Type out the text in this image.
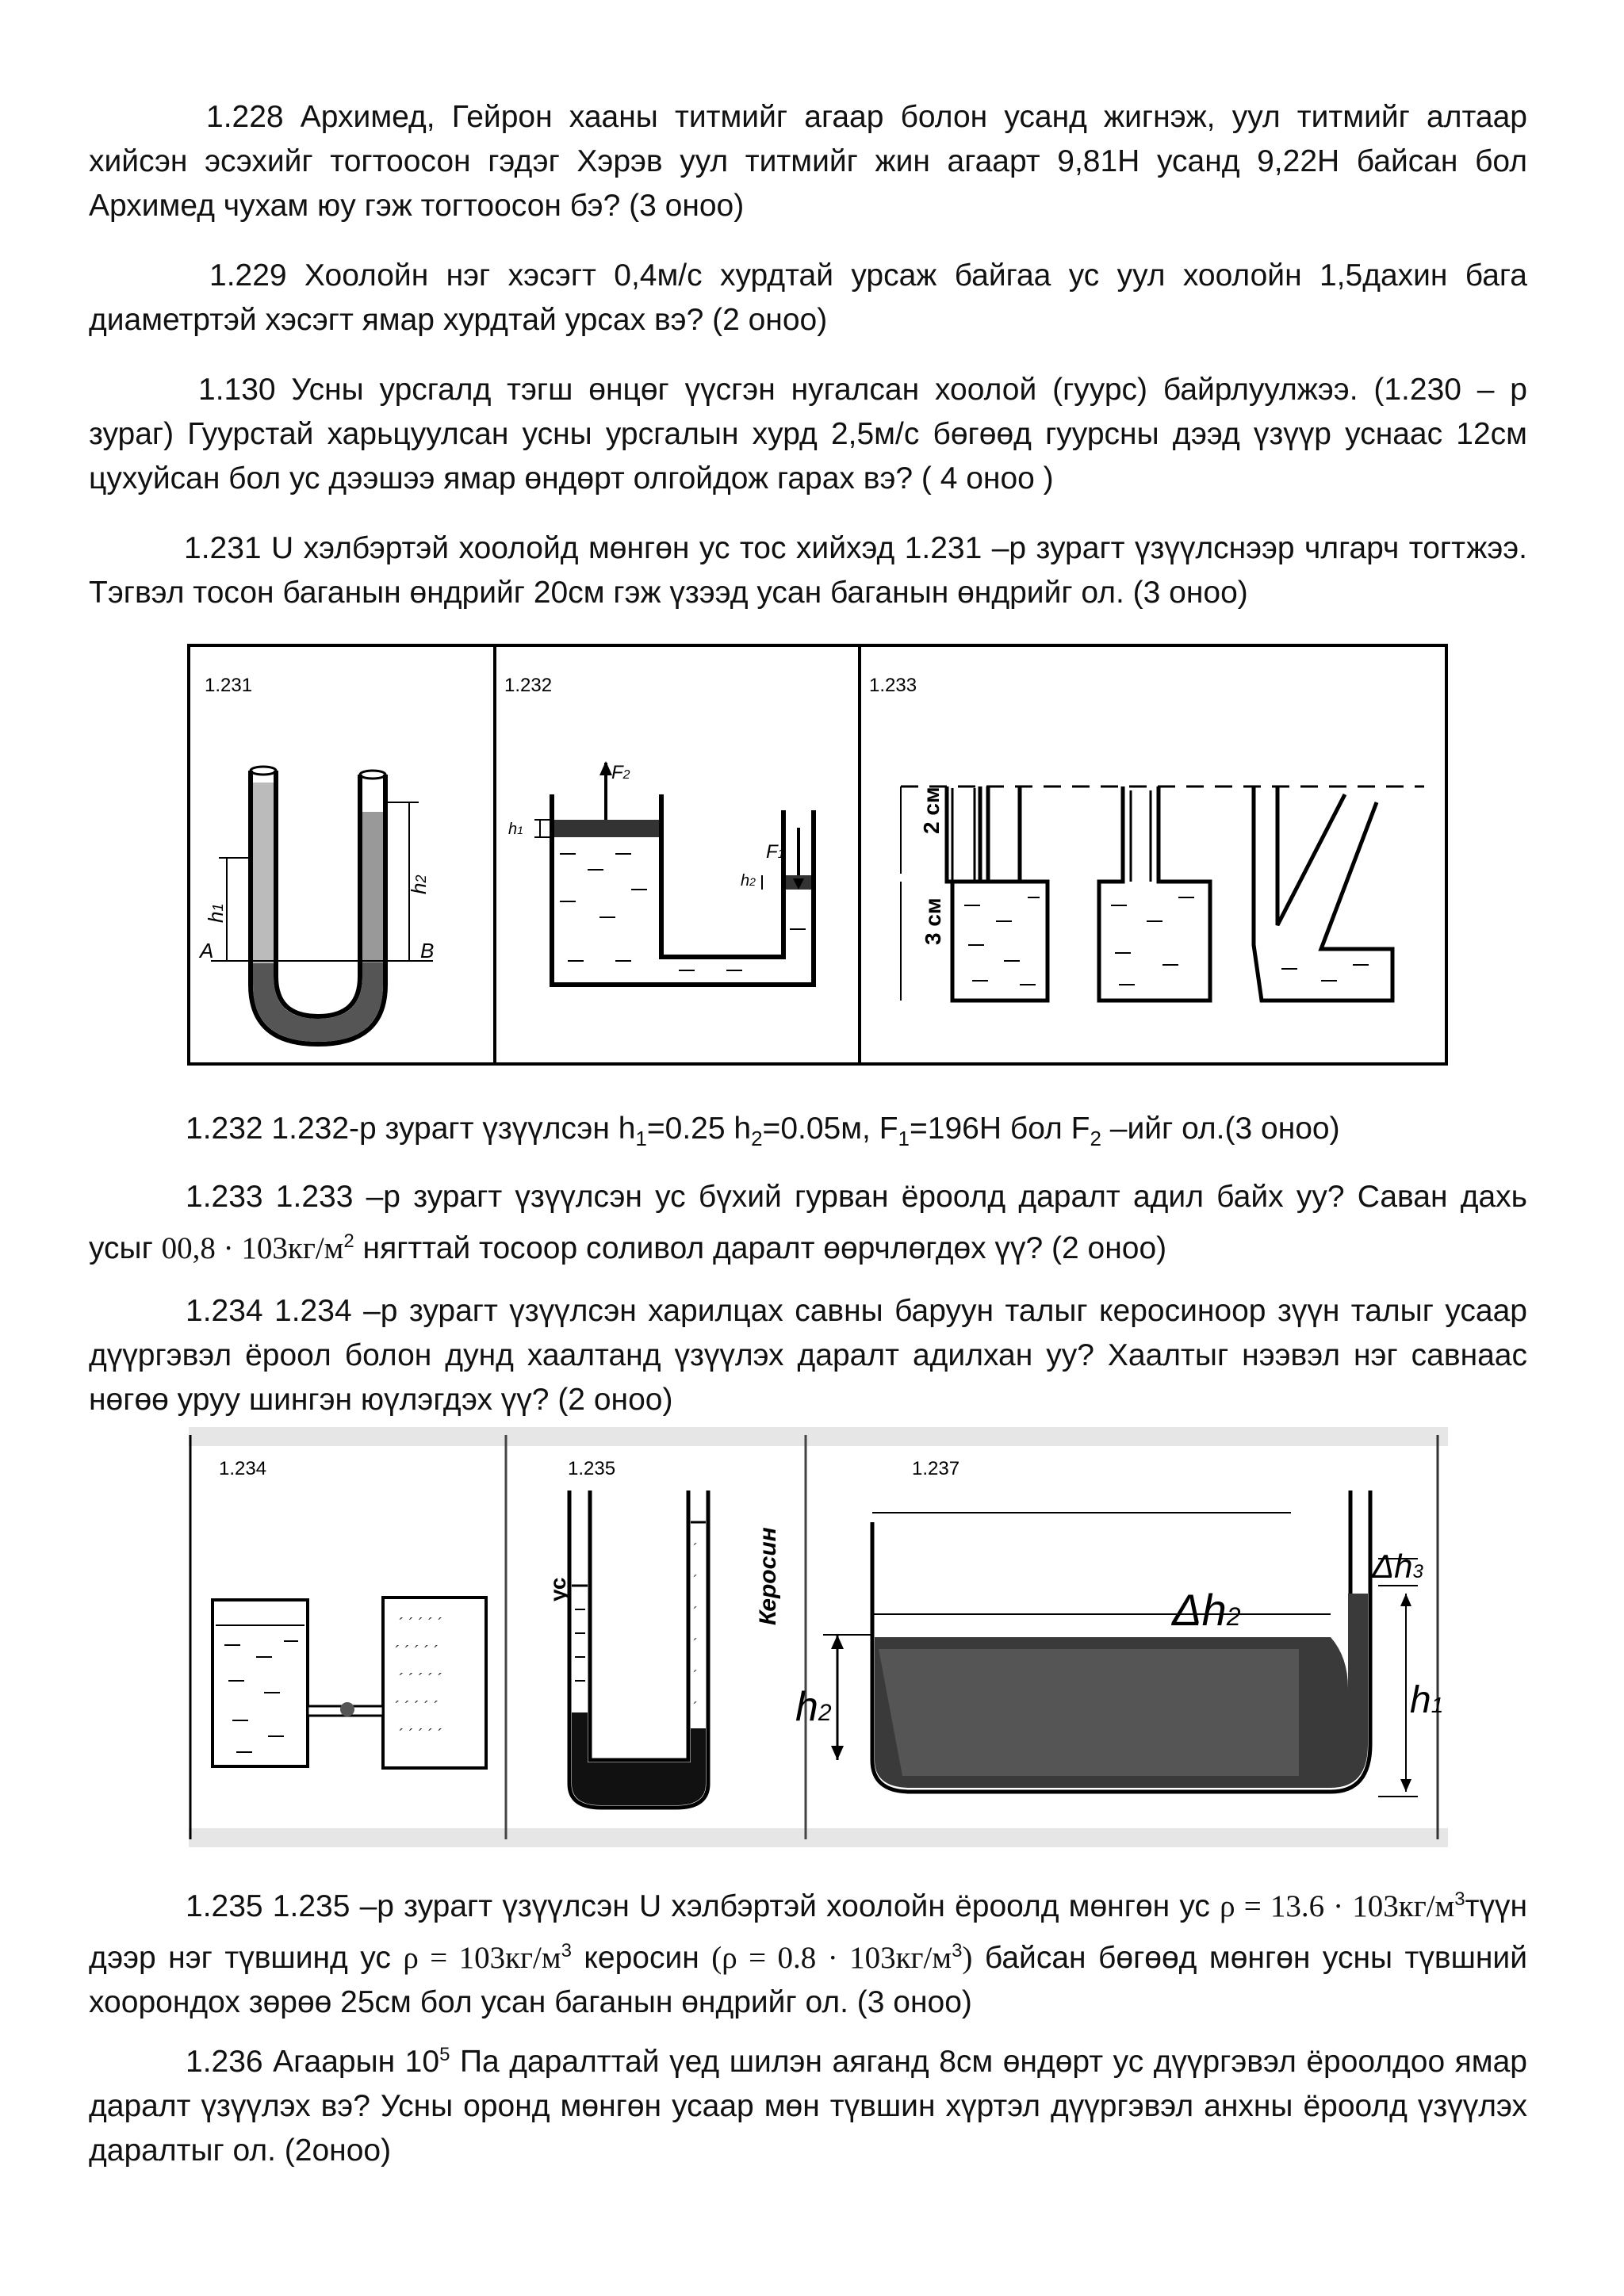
1.228 Архимед, Гейрон хааны титмийг агаар болон усанд жигнэж, уул титмийг алтаар хийсэн эсэхийг тогтоосон гэдэг Хэрэв уул титмийг жин агаарт 9,81Н усанд 9,22Н байсан бол Архимед чухам юу гэж тогтоосон бэ? (3 оноо)

1.229 Хоолойн нэг хэсэгт 0,4м/с хурдтай урсаж байгаа ус уул хоолойн 1,5дахин бага диаметртэй хэсэгт ямар хурдтай урсах вэ? (2 оноо)

1.130 Усны урсгалд тэгш өнцөг үүсгэн нугалсан хоолой (гуурс) байрлуулжээ. (1.230 – р зураг) Гуурстай харьцуулсан усны урсгалын хурд 2,5м/с бөгөөд гуурсны дээд үзүүр уснаас 12см цухуйсан бол ус дээшээ ямар өндөрт олгойдож гарах вэ? ( 4 оноо )

1.231 U хэлбэртэй хоолойд мөнгөн ус тос хийхэд 1.231 –р зурагт үзүүлснээр члгарч тогтжээ. Тэгвэл тосон баганын өндрийг 20см гэж үзээд усан баганын өндрийг ол. (3 оноо)

1.231
h1
h2
A	B
1.232
F2
F1
h1
h2
1.233
2 см
3 см

1.232 1.232-р зурагт үзүүлсэн $h_1=0.25$ $h_2=0.05м$, $F_1=196Н$ бол $F_2$ –ийг ол.(3 оноо)

1.233 1.233 –р зурагт үзүүлсэн ус бүхий гурван ёроолд даралт адил байх уу? Саван дахь усыг $00,8 \cdot 103кг/м^2$ нягттай тосоор соливол даралт өөрчлөгдөх үү? (2 оноо)

1.234 1.234 –р зурагт үзүүлсэн харилцах савны баруун талыг керосиноор зүүн талыг усаар дүүргэвэл ёроол болон дунд хаалтанд үзүүлэх даралт адилхан уу? Хаалтыг нээвэл нэг савнаас нөгөө уруу шингэн юүлэгдэх үү? (2 оноо)

1.234
´ ´ ´ ´ ´
´ ´ ´ ´ ´
´ ´ ´ ´ ´
´ ´ ´ ´ ´
´ ´ ´ ´ ´
1.235
´
´
´
´
´
´
ус	Керосин
1.237
h2
Δh3
Δh2
h1

1.235 1.235 –р зурагт үзүүлсэн U хэлбэртэй хоолойн ёроолд мөнгөн ус $\rho = 13.6 \cdot 103кг/м^3түүн$ дээр нэг түвшинд ус $\rho = 103кг/м^3$ керосин $(\rho = 0.8 \cdot 103кг/м^3)$ байсан бөгөөд мөнгөн усны түвшний хоорондох зөрөө 25см бол усан баганын өндрийг ол. (3 оноо)

1.236 Агаарын $10^5$ Па даралттай үед шилэн аяганд 8см өндөрт ус дүүргэвэл ёроолдоо ямар даралт үзүүлэх вэ? Усны оронд мөнгөн усаар мөн түвшин хүртэл дүүргэвэл анхны ёроолд үзүүлэх даралтыг ол. (2оноо)
